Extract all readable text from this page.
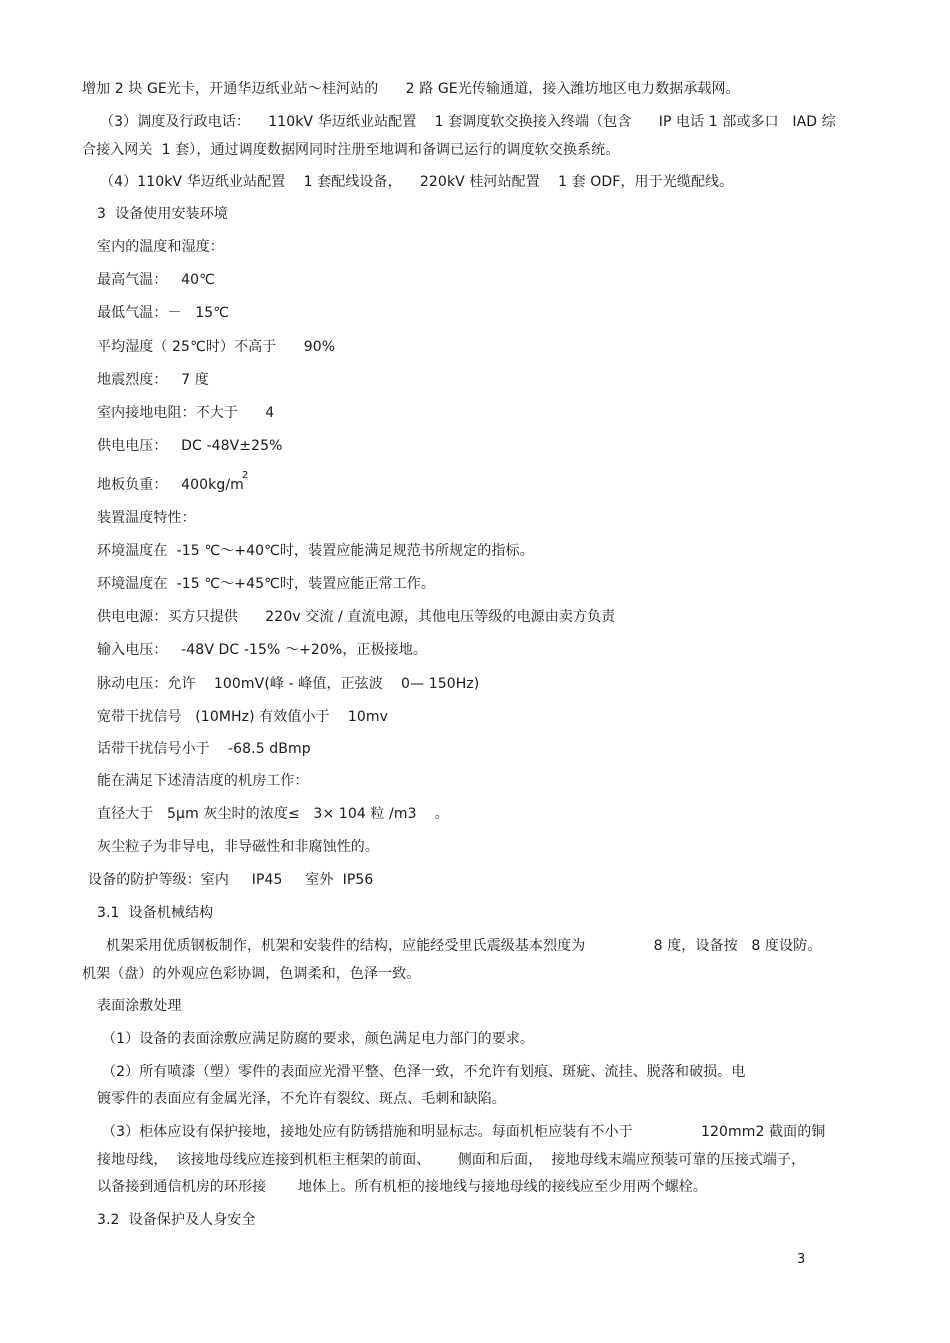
增加 2 块 GE光卡，开通华迈纸业站～桂河站的      2 路 GE光传输通道，接入潍坊地区电力数据承载网。
（3）调度及行政电话：    110kV 华迈纸业站配置    1 套调度软交换接入终端（包含      IP 电话 1 部或多口   IAD 综
合接入网关  1 套），通过调度数据网同时注册至地调和备调已运行的调度软交换系统。
（4）110kV 华迈纸业站配置    1 套配线设备，    220kV 桂河站配置    1 套 ODF，用于光缆配线。
3  设备使用安装环境
室内的温度和湿度：
最高气温：   40℃
最低气温：－   15℃
平均湿度（ 25℃时）不高于      90%
地震烈度：   7 度
室内接地电阻：不大于      4
供电电压：   DC -48V±25%
地板负重：   400kg/m
2
装置温度特性：
环境温度在  -15 ℃～+40℃时，装置应能满足规范书所规定的指标。
环境温度在  -15 ℃～+45℃时，装置应能正常工作。
供电电源：买方只提供      220v 交流 / 直流电源，其他电压等级的电源由卖方负责
输入电压：   -48V DC -15% ～+20%，正极接地。
脉动电压：允许    100mV(峰 - 峰值，正弦波    0— 150Hz)
宽带干扰信号   (10MHz) 有效值小于    10mv
话带干扰信号小于    -68.5 dBmp
能在满足下述清洁度的机房工作：
直径大于   5μm 灰尘时的浓度≤   3× 104 粒 /m3    。
灰尘粒子为非导电，非导磁性和非腐蚀性的。
设备的防护等级：室内     IP45     室外  IP56
3.1  设备机械结构
机架采用优质钢板制作，机架和安装件的结构，应能经受里氏震级基本烈度为               8 度，设备按   8 度设防。
机架（盘）的外观应色彩协调，色调柔和，色泽一致。
表面涂敷处理
（1）设备的表面涂敷应满足防腐的要求，颜色满足电力部门的要求。
（2）所有喷漆（塑）零件的表面应光滑平整、色泽一致，不允许有划痕、斑疵、流挂、脱落和破损。电
镀零件的表面应有金属光泽，不允许有裂纹、斑点、毛刺和缺陷。
（3）柜体应设有保护接地，接地处应有防锈措施和明显标志。每面机柜应装有不小于               120mm2 截面的铜
接地母线，  该接地母线应连接到机柜主框架的前面、      侧面和后面，  接地母线末端应预装可靠的压接式端子，
以备接到通信机房的环形接       地体上。所有机柜的接地线与接地母线的接线应至少用两个螺栓。
3.2  设备保护及人身安全
3
